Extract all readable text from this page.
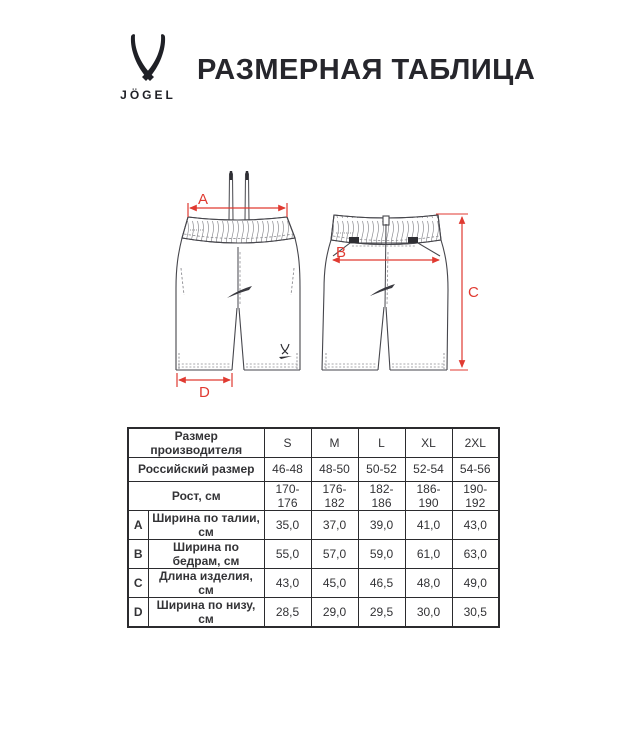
JÖGEL
РАЗМЕРНАЯ ТАБЛИЦА
A
B
C
D
Размер производителя		S	M	L	XL	2XL
Российский размер		46-48	48-50	50-52	52-54	54-56
Рост, см		170-176	176-182	182-186	186-190	190-192
A	Ширина по талии, см	35,0	37,0	39,0	41,0	43,0
B	Ширина по бедрам, см	55,0	57,0	59,0	61,0	63,0
C	Длина изделия, см	43,0	45,0	46,5	48,0	49,0
D	Ширина по низу, см	28,5	29,0	29,5	30,0	30,5
